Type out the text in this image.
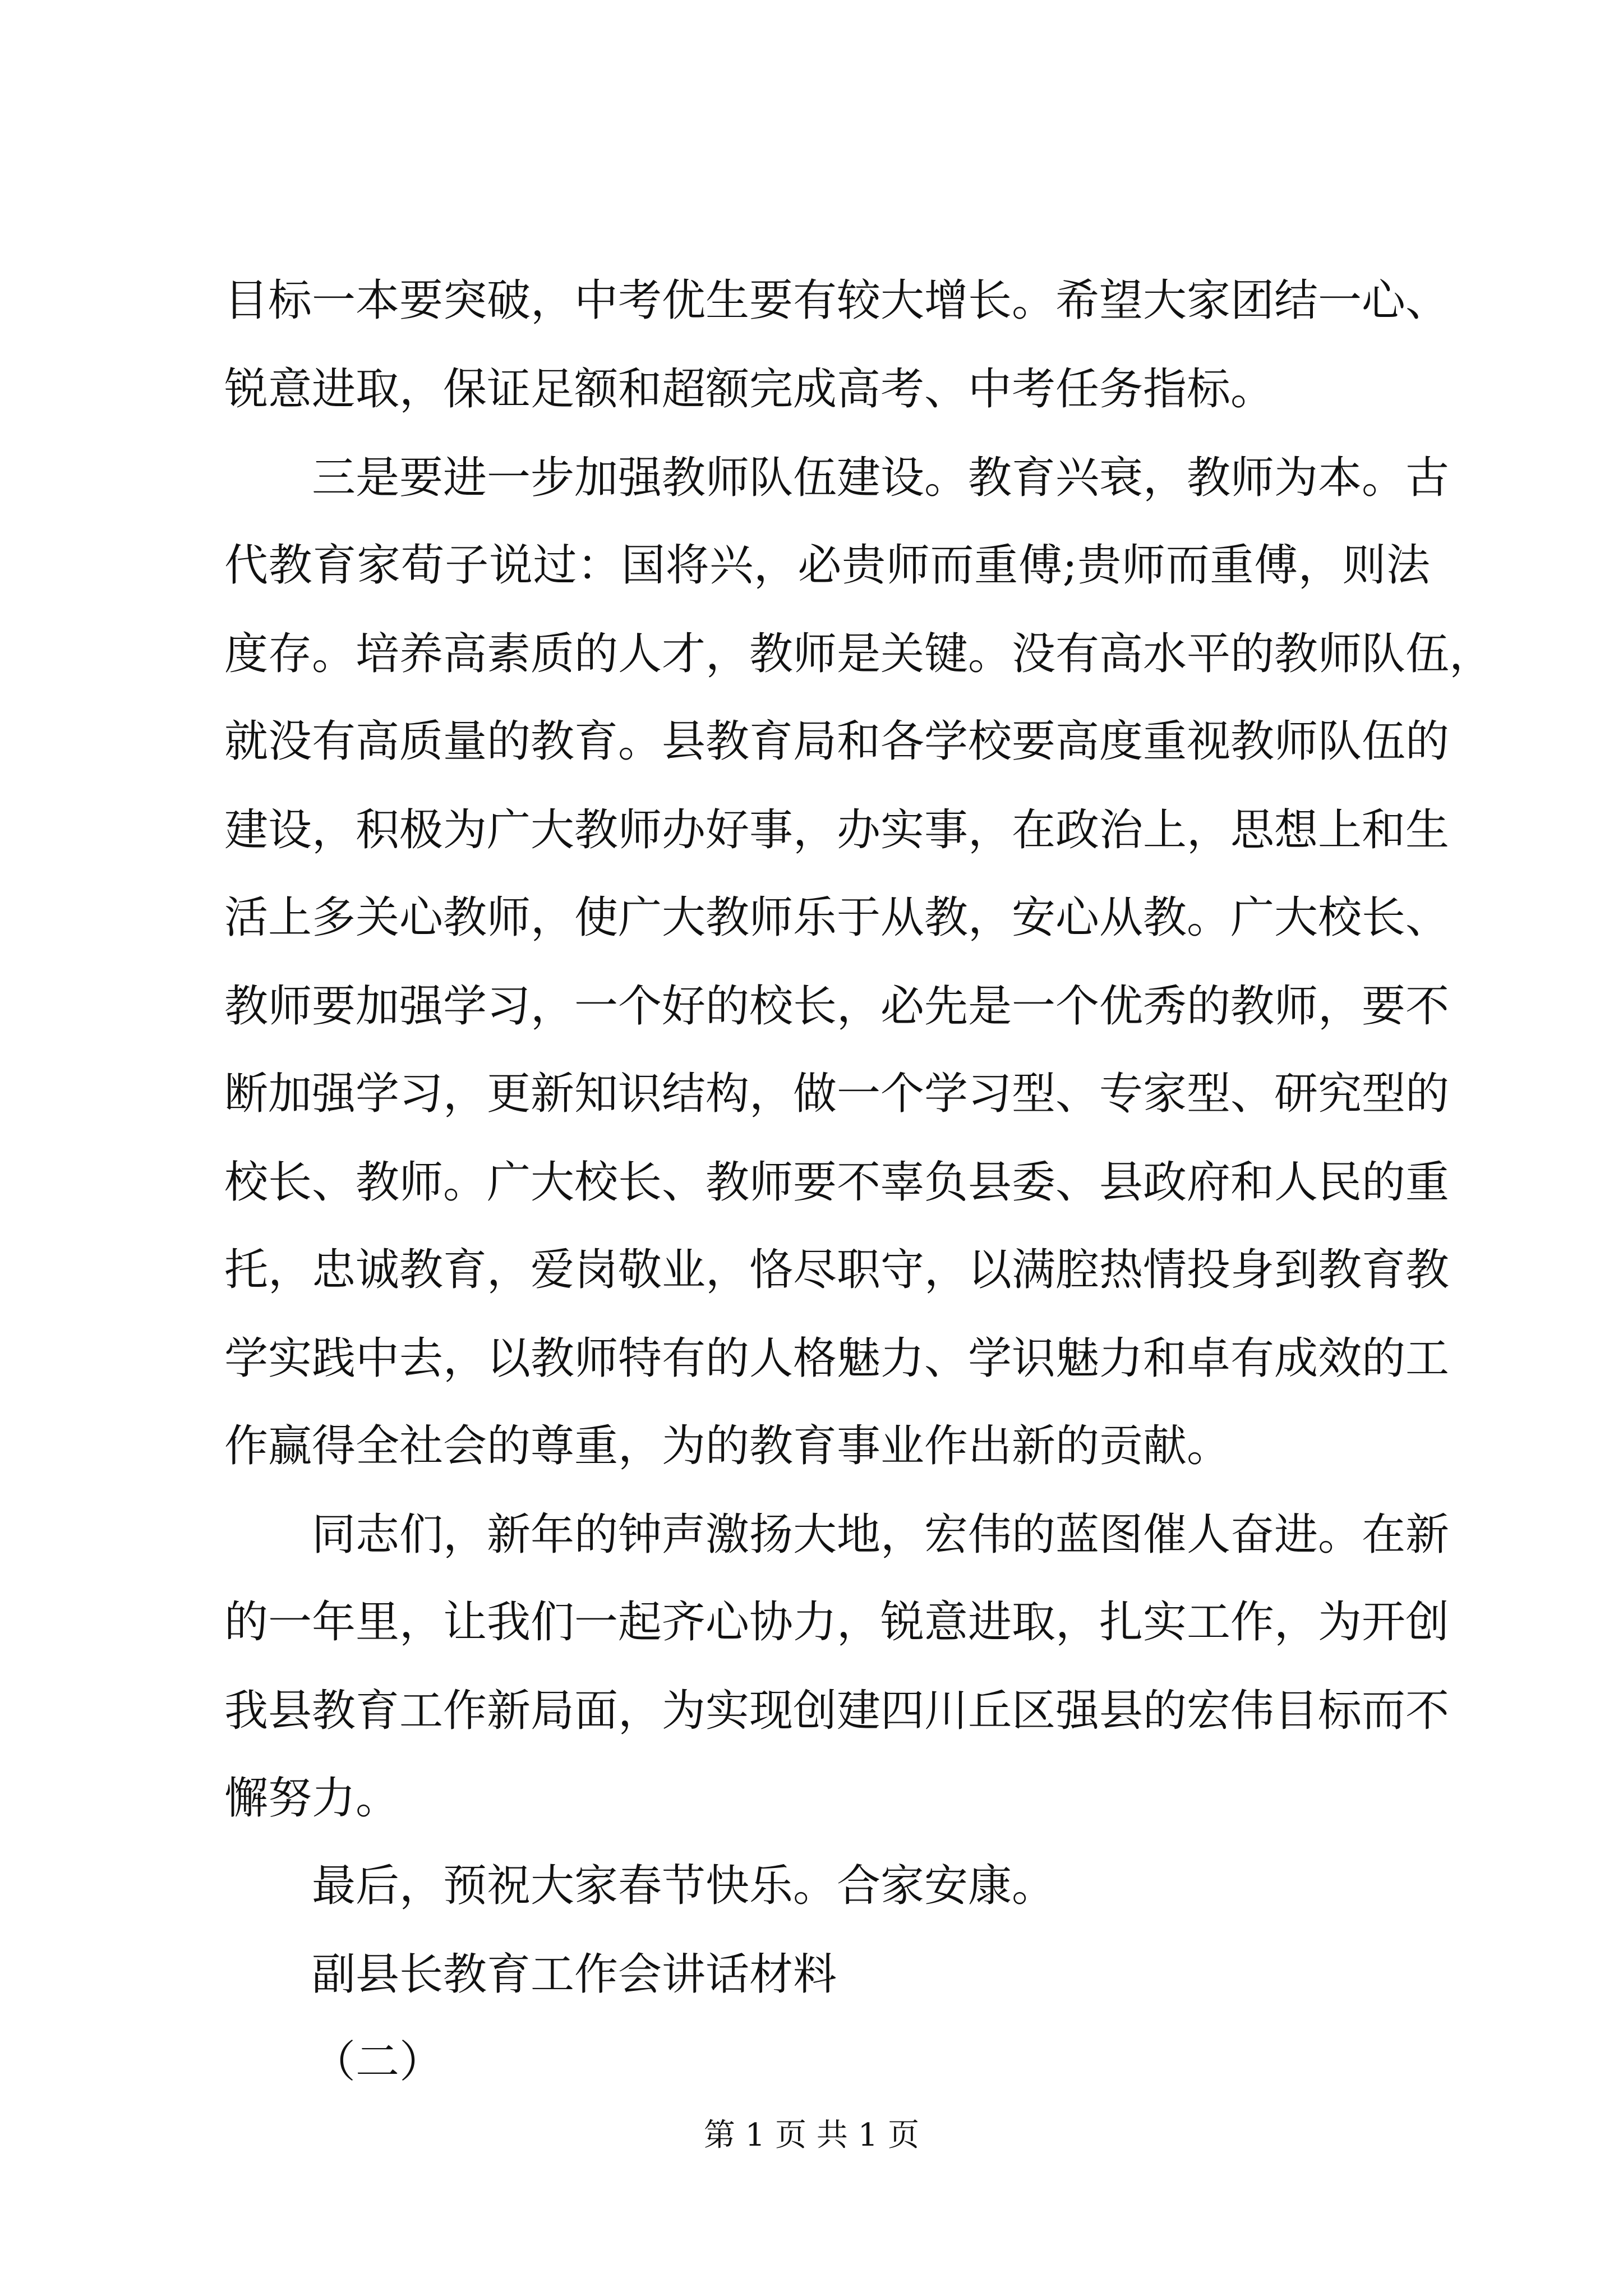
目标一本要突破，中考优生要有较大增长。希望大家团结一心、
锐意进取，保证足额和超额完成高考、中考任务指标。
三是要进一步加强教师队伍建设。教育兴衰，教师为本。古
代教育家荀子说过：国将兴，必贵师而重傅;贵师而重傅，则法
度存。培养高素质的人才，教师是关键。没有高水平的教师队伍，
就没有高质量的教育。县教育局和各学校要高度重视教师队伍的
建设，积极为广大教师办好事，办实事，在政治上，思想上和生
活上多关心教师，使广大教师乐于从教，安心从教。广大校长、
教师要加强学习，一个好的校长，必先是一个优秀的教师，要不
断加强学习，更新知识结构，做一个学习型、专家型、研究型的
校长、教师。广大校长、教师要不辜负县委、县政府和人民的重
托，忠诚教育，爱岗敬业，恪尽职守，以满腔热情投身到教育教
学实践中去，以教师特有的人格魅力、学识魅力和卓有成效的工
作赢得全社会的尊重，为的教育事业作出新的贡献。
同志们，新年的钟声激扬大地，宏伟的蓝图催人奋进。在新
的一年里，让我们一起齐心协力，锐意进取，扎实工作，为开创
我县教育工作新局面，为实现创建四川丘区强县的宏伟目标而不
懈努力。
最后，预祝大家春节快乐。合家安康。
副县长教育工作会讲话材料
（二）
第 1 页 共 1 页
